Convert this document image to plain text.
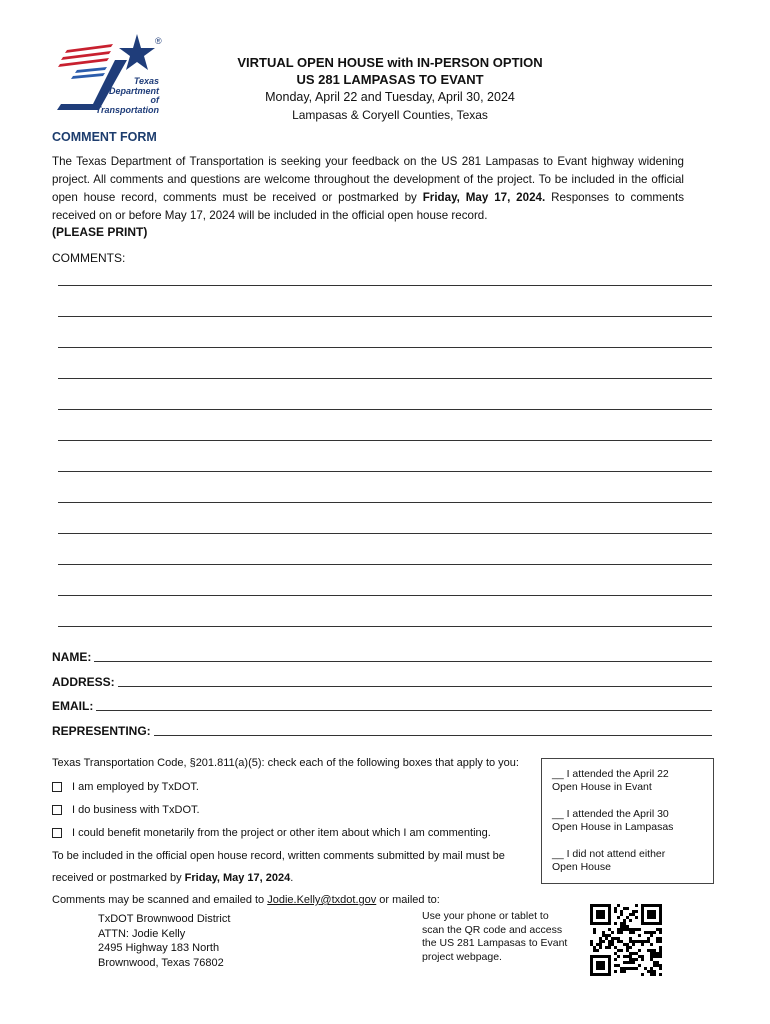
®
Texas
Department
of Transportation
VIRTUAL OPEN HOUSE with IN-PERSON OPTION
US 281 LAMPASAS TO EVANT
Monday, April 22 and Tuesday, April 30, 2024
Lampasas & Coryell Counties, Texas
COMMENT FORM
The Texas Department of Transportation is seeking your feedback on the US 281 Lampasas to Evant highway widening project. All comments and questions are welcome throughout the development of the project. To be included in the official open house record, comments must be received or postmarked by Friday, May 17, 2024. Responses to comments received on or before May 17, 2024 will be included in the official open house record.
(PLEASE PRINT)
COMMENTS:
NAME:
ADDRESS:
EMAIL:
REPRESENTING:
Texas Transportation Code, §201.811(a)(5): check each of the following boxes that apply to you:
I am employed by TxDOT.
I do business with TxDOT.
I could benefit monetarily from the project or other item about which I am commenting.
To be included in the official open house record, written comments submitted by mail must be
received or postmarked by Friday, May 17, 2024.
Comments may be scanned and emailed to Jodie.Kelly@txdot.gov or mailed to:
__ I attended the April 22
Open House in Evant
__ I attended the April 30
Open House in Lampasas
__ I did not attend either
Open House
TxDOT Brownwood District
ATTN: Jodie Kelly
2495 Highway 183 North
Brownwood, Texas 76802
Use your phone or tablet to
scan the QR code and access
the US 281 Lampasas to Evant
project webpage.
